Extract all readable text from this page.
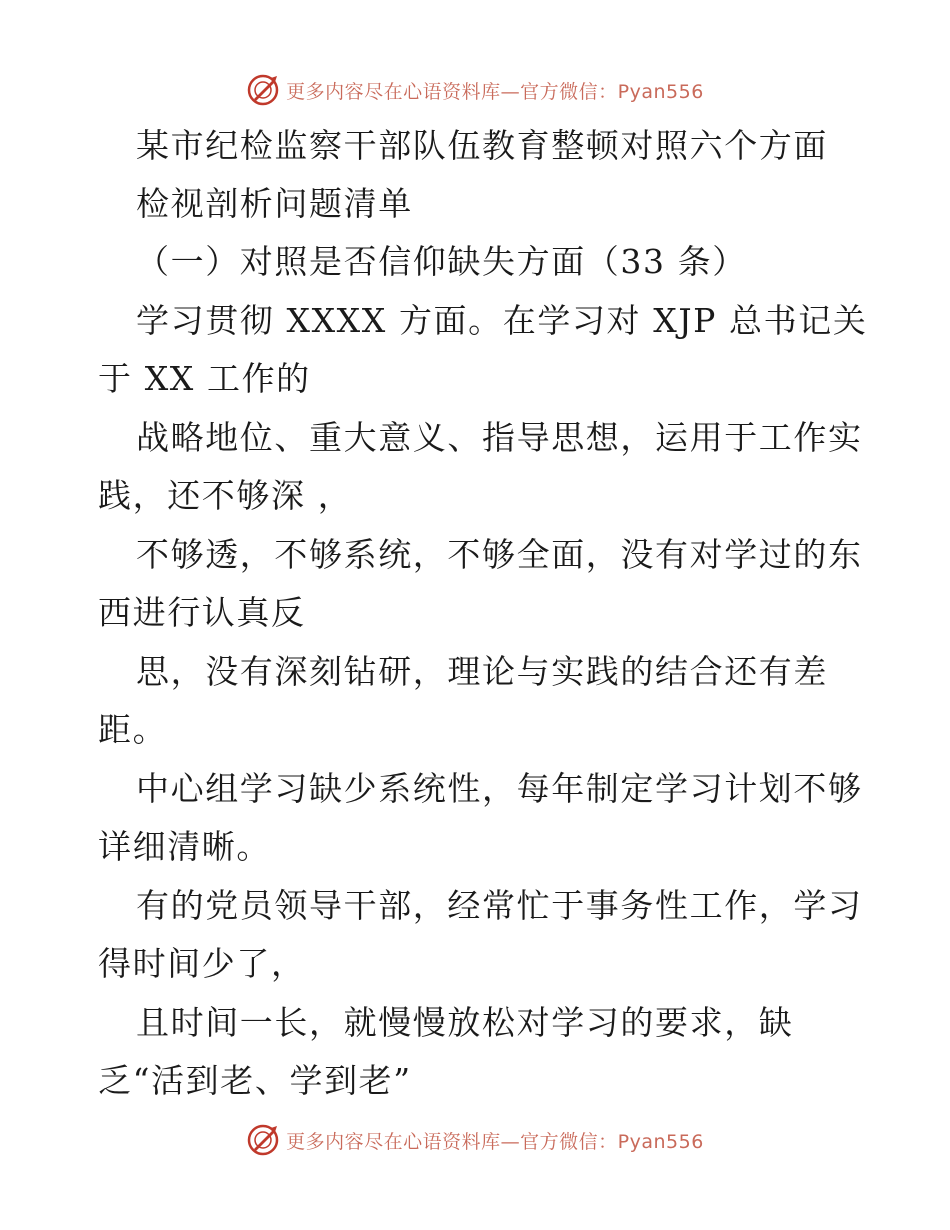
更多内容尽在心语资料库—官方微信：Pyan556
某市纪检监察干部队伍教育整顿对照六个方面
检视剖析问题清单
（一）对照是否信仰缺失方面（33 条）
学习贯彻 XXXX 方面。在学习对 XJP 总书记关
于 XX 工作的
战略地位、重大意义、指导思想，运用于工作实
践，还不够深 ，
不够透，不够系统，不够全面，没有对学过的东
西进行认真反
思，没有深刻钻研，理论与实践的结合还有差
距。
中心组学习缺少系统性，每年制定学习计划不够
详细清晰。
有的党员领导干部，经常忙于事务性工作，学习
得时间少了，
且时间一长，就慢慢放松对学习的要求，缺
乏“活到老、学到老”
更多内容尽在心语资料库—官方微信：Pyan556
